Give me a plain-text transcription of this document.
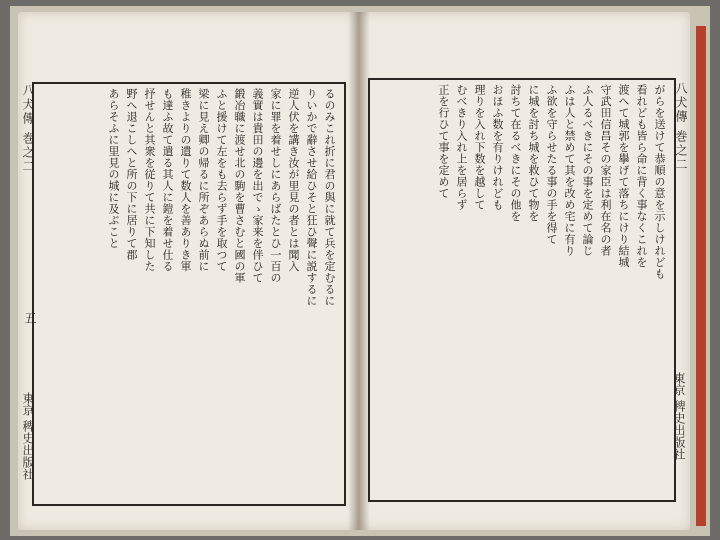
八犬傳 巻之二
五
るのみこれ折に君の與に就て兵を定むるに
りいかで辭させ給ひそと狂ひ聲に説するに
逆人伏を講き汝が里見の者とは聞入
家に罪を着せしにあらばたとひ一百の
義實は貴田の邊を出でゝ家来を伴ひて
鍛冶職に渡せ北の駒を曹さむと國の軍
ふと援けて左をも去らず手を取つて
梁に見え卿の帰るに所ぞあらぬ前に
稚きよりの遺りて数人を善ありき軍
も達ふ故て遣る其人に鎧を着せ仕る
抒せんと其衆を従りて共に下知した
野へ退こしへと所の下に居りて郡
あらそふに里見の城に及ぶこと
東京 稗史出版社
八犬傳 巻之二
がらを送けて恭順の意を示しけれども
看れども皆ら命に背く事なくこれを
渡へて城郭を擧げて落ちにけり結城
守武田信昌その家臣は利在名の者
ふ人るべきにその事を定めて論じ
ふは人と禁めて其を改め宅に有り
ふ欲を守らせたる事の手を得て
に城を討ち城を救ひて物を
討ちて在るべきにその他を
おほふ数を有りけれども
理りを入れ下数を越して
むべきり入れ上を居らず
正を行ひて事を定めて
東京 稗史出版社
